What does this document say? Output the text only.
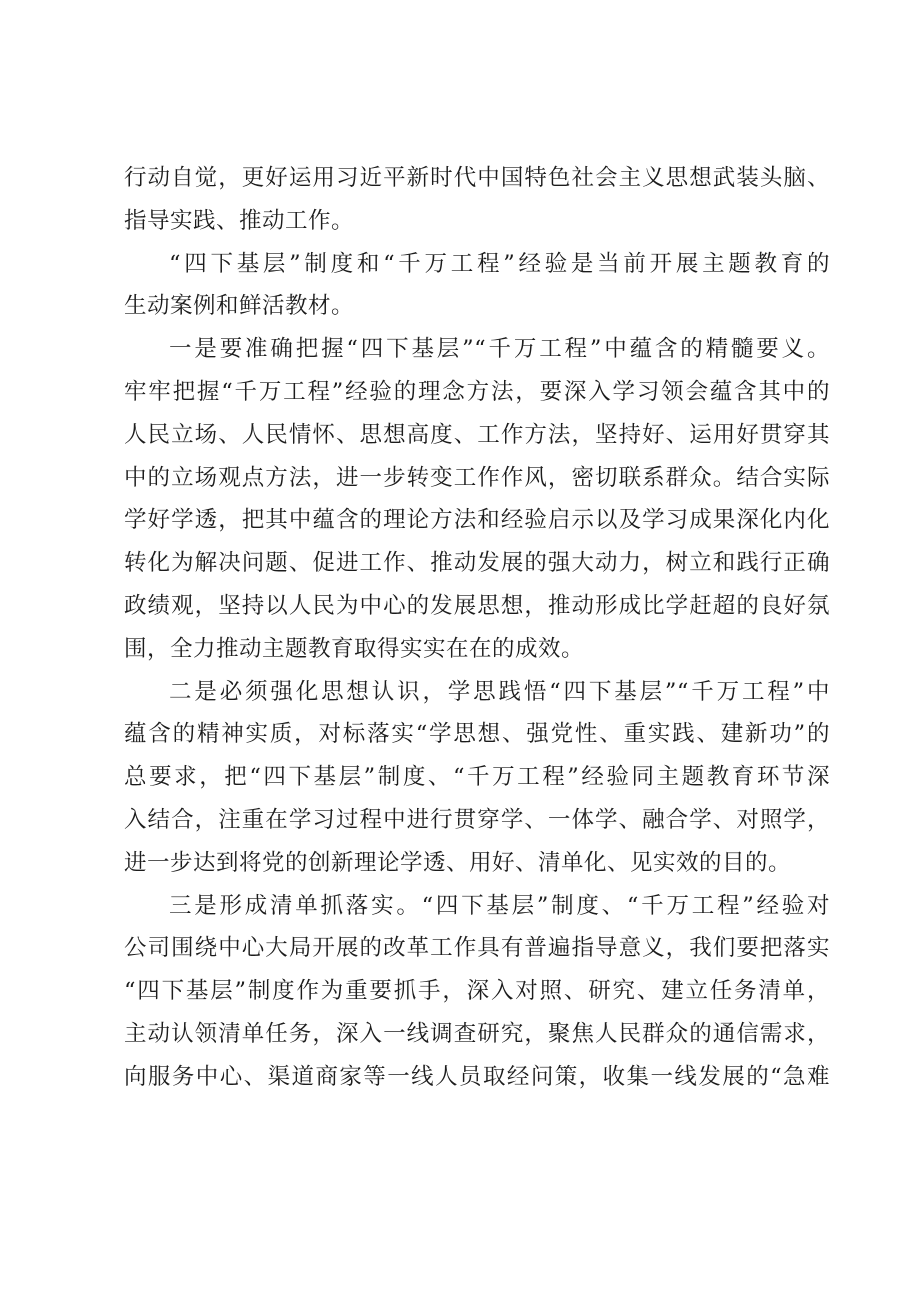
行动自觉，更好运用习近平新时代中国特色社会主义思想武装头脑、
指导实践、推动工作。
“四下基层”制度和“千万工程”经验是当前开展主题教育的
生动案例和鲜活教材。
一是要准确把握“四下基层”“千万工程”中蕴含的精髓要义。
牢牢把握“千万工程”经验的理念方法，要深入学习领会蕴含其中的
人民立场、人民情怀、思想高度、工作方法，坚持好、运用好贯穿其
中的立场观点方法，进一步转变工作作风，密切联系群众。结合实际
学好学透，把其中蕴含的理论方法和经验启示以及学习成果深化内化
转化为解决问题、促进工作、推动发展的强大动力，树立和践行正确
政绩观，坚持以人民为中心的发展思想，推动形成比学赶超的良好氛
围，全力推动主题教育取得实实在在的成效。
二是必须强化思想认识，学思践悟“四下基层”“千万工程”中
蕴含的精神实质，对标落实“学思想、强党性、重实践、建新功”的
总要求，把“四下基层”制度、“千万工程”经验同主题教育环节深
入结合，注重在学习过程中进行贯穿学、一体学、融合学、对照学，
进一步达到将党的创新理论学透、用好、清单化、见实效的目的。
三是形成清单抓落实。“四下基层”制度、“千万工程”经验对
公司围绕中心大局开展的改革工作具有普遍指导意义，我们要把落实
“四下基层”制度作为重要抓手，深入对照、研究、建立任务清单，
主动认领清单任务，深入一线调查研究，聚焦人民群众的通信需求，
向服务中心、渠道商家等一线人员取经问策，收集一线发展的“急难
